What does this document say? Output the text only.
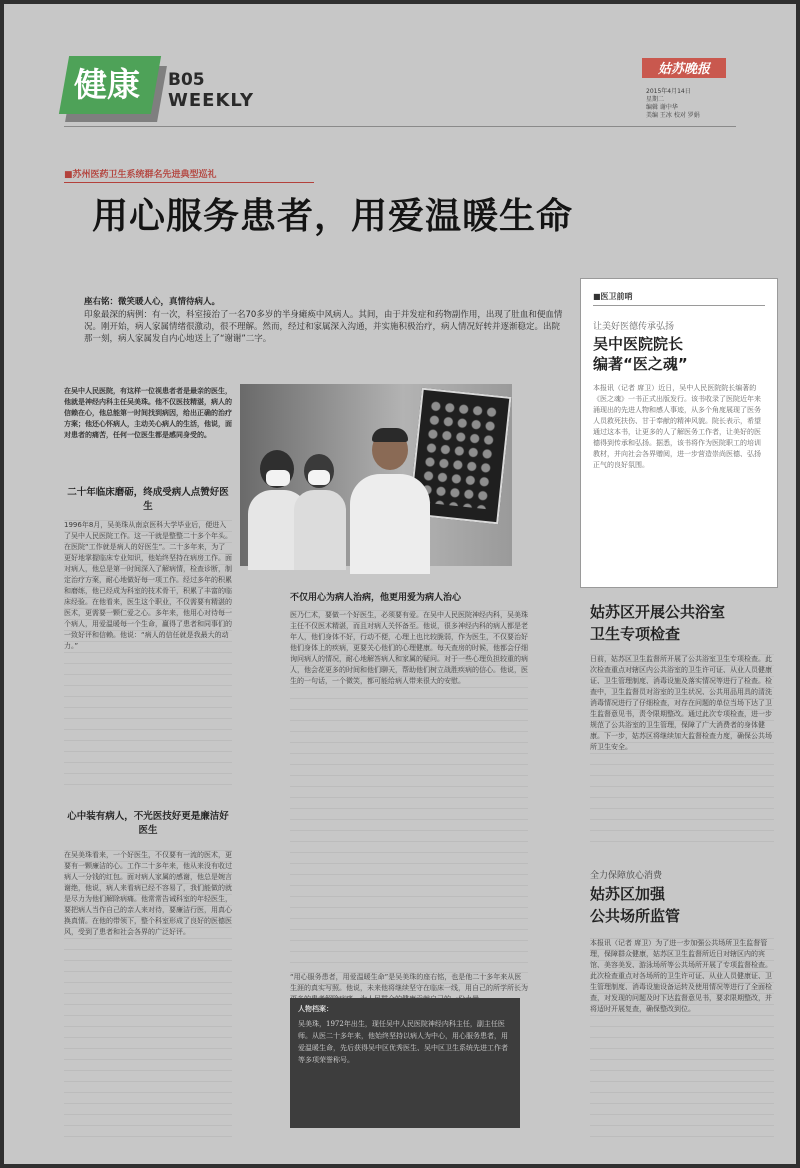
健康 B05
WEEKLY
姑苏晚报
2015年4月14日
星期二
编辑 谢中华
美编 王冰 校对 罗娟
■苏州医药卫生系统群名先进典型巡礼
用心服务患者，用爱温暖生命

座右铭：微笑暖人心，真情待病人。

印象最深的病例：有一次，科室接治了一名70多岁的半身瘫痪中风病人。其间，由于并发症和药物副作用，出现了肚血和便血情况。刚开始，病人家属情绪很激动，很不理解。然而，经过和家属深入沟通，并实施积极治疗，病人情况好转并逐渐稳定。出院那一刻，病人家属发自内心地送上了“谢谢”二字。

在吴中人民医院，有这样一位视患者者是最亲的医生，他就是神经内科主任吴美珠。他不仅医技精湛，病人的信赖在心，他总能第一时间找到病因，给出正确的治疗方案；他还心怀病人，主动关心病人的生活，他说，面对患者的痛苦，任何一位医生都是感同身受的。

二十年临床磨砺，终成受病人点赞好医生

1996年8月，吴美珠从南京医科大学毕业后，便进入了吴中人民医院工作。这一干就是整整二十多个年头。在医院“工作就是病人的好医生”。二十多年来，为了更好地掌握临床专业知识，他始终坚持在病房工作。面对病人，他总是第一时间深入了解病情，检查诊断，制定治疗方案，耐心地做好每一项工作。经过多年的积累和磨练，他已经成为科室的技术骨干，积累了丰富的临床经验。在他看来，医生这个职业，不仅需要有精湛的医术，更需要一颗仁爱之心。多年来，他用心对待每一个病人，用爱温暖每一个生命，赢得了患者和同事们的一致好评和信赖。他说：“病人的信任就是我最大的动力。”

心中装有病人，不光医技好更是廉洁好医生

在吴美珠看来，一个好医生，不仅要有一流的医术，更要有一颗廉洁的心。工作二十多年来，他从来没有收过病人一分钱的红包。面对病人家属的感谢，他总是婉言谢绝，他说，病人来看病已经不容易了，我们能做的就是尽力为他们解除病痛。他常常告诫科室的年轻医生，要把病人当作自己的亲人来对待，要廉洁行医，用真心换真情。在他的带领下，整个科室形成了良好的医德医风，受到了患者和社会各界的广泛好评。

不仅用心为病人治病，他更用爱为病人治心

医乃仁术，要做一个好医生，必须要有爱。在吴中人民医院神经内科，吴美珠主任不仅医术精湛，而且对病人关怀备至。他说，很多神经内科的病人都是老年人，他们身体不好，行动不便，心理上也比较脆弱，作为医生，不仅要治好他们身体上的疾病，更要关心他们的心理健康。每天查房的时候，他都会仔细询问病人的情况，耐心地解答病人和家属的疑问。对于一些心理负担较重的病人，他会花更多的时间和他们聊天，帮助他们树立战胜疾病的信心。他说，医生的一句话，一个微笑，都可能给病人带来很大的安慰。

“用心服务患者，用爱温暖生命”是吴美珠的座右铭，也是他二十多年来从医生涯的真实写照。他说，未来他将继续坚守在临床一线，用自己的所学所长为

人物档案：

吴美珠，1972年出生，现任吴中人民医院神经内科主任，副主任医师。从医二十多年来，他始终坚持以病人为中心，用心服务患者，用爱温暖生命，先后获得吴中区优秀医生、吴中区卫生系统先进工作者等多项荣誉称号。

■医卫前哨
让美好医德传承弘扬
吴中医院院长
编著“医之魂”

本报讯（记者 席卫）近日，吴中人民医院院长编著的《医之魂》一书正式出版发行。该书收录了医院近年来涌现出的先进人物和感人事迹，从多个角度展现了医务人员救死扶伤、甘于奉献的精神风貌。院长表示，希望通过这本书，让更多的人了解医务工作者，让美好的医德得到传承和弘扬。据悉，该书将作为医院职工的培训教材，并向社会各界赠阅，进一步营造崇尚医德、弘扬正气的良好氛围。

姑苏区开展公共浴室
卫生专项检查

日前，姑苏区卫生监督所开展了公共浴室卫生专项检查。此次检查重点对辖区内公共浴室的卫生许可证、从业人员健康证、卫生管理制度、消毒设施及落实情况等进行了检查。检查中，卫生监督员对浴室的卫生状况、公共用品用具的清洗消毒情况进行了仔细检查，对存在问题的单位当场下达了卫生监督意见书，责令限期整改。通过此次专项检查，进一步规范了公共浴室的卫生管理，保障了广大消费者的身体健康。下一步，姑苏区将继续加大监督检查力度，确保公共场所卫生安全。

全力保障放心消费
姑苏区加强
公共场所监管

本报讯（记者 席卫）为了进一步加强公共场所卫生监督管理，保障群众健康，姑苏区卫生监督所近日对辖区内的宾馆、美容美发、游泳场所等公共场所开展了专项监督检查。此次检查重点对各场所的卫生许可证、从业人员健康证、卫生管理制度、消毒设施设备运转及使用情况等进行了全面检查，对发现的问题及时下达监督意见书，要求限期整改，并将适时开展复查，确保整改到位。
